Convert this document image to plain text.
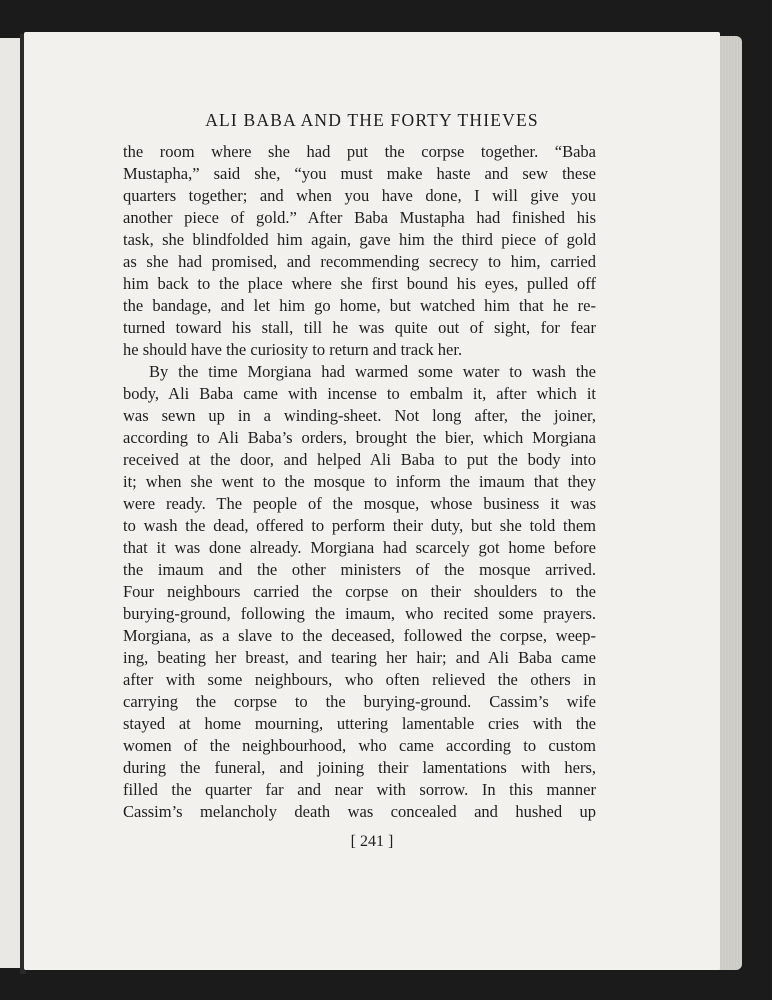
ALI BABA AND THE FORTY THIEVES
the room where she had put the corpse together. “Baba
Mustapha,” said she, “you must make haste and sew these
quarters together; and when you have done, I will give you
another piece of gold.” After Baba Mustapha had finished his
task, she blindfolded him again, gave him the third piece of gold
as she had promised, and recommending secrecy to him, carried
him back to the place where she first bound his eyes, pulled off
the bandage, and let him go home, but watched him that he re-
turned toward his stall, till he was quite out of sight, for fear
he should have the curiosity to return and track her.
By the time Morgiana had warmed some water to wash the
body, Ali Baba came with incense to embalm it, after which it
was sewn up in a winding-sheet. Not long after, the joiner,
according to Ali Baba’s orders, brought the bier, which Morgiana
received at the door, and helped Ali Baba to put the body into
it; when she went to the mosque to inform the imaum that they
were ready. The people of the mosque, whose business it was
to wash the dead, offered to perform their duty, but she told them
that it was done already. Morgiana had scarcely got home before
the imaum and the other ministers of the mosque arrived.
Four neighbours carried the corpse on their shoulders to the
burying-ground, following the imaum, who recited some prayers.
Morgiana, as a slave to the deceased, followed the corpse, weep-
ing, beating her breast, and tearing her hair; and Ali Baba came
after with some neighbours, who often relieved the others in
carrying the corpse to the burying-ground. Cassim’s wife
stayed at home mourning, uttering lamentable cries with the
women of the neighbourhood, who came according to custom
during the funeral, and joining their lamentations with hers,
filled the quarter far and near with sorrow. In this manner
Cassim’s melancholy death was concealed and hushed up
[ 241 ]
